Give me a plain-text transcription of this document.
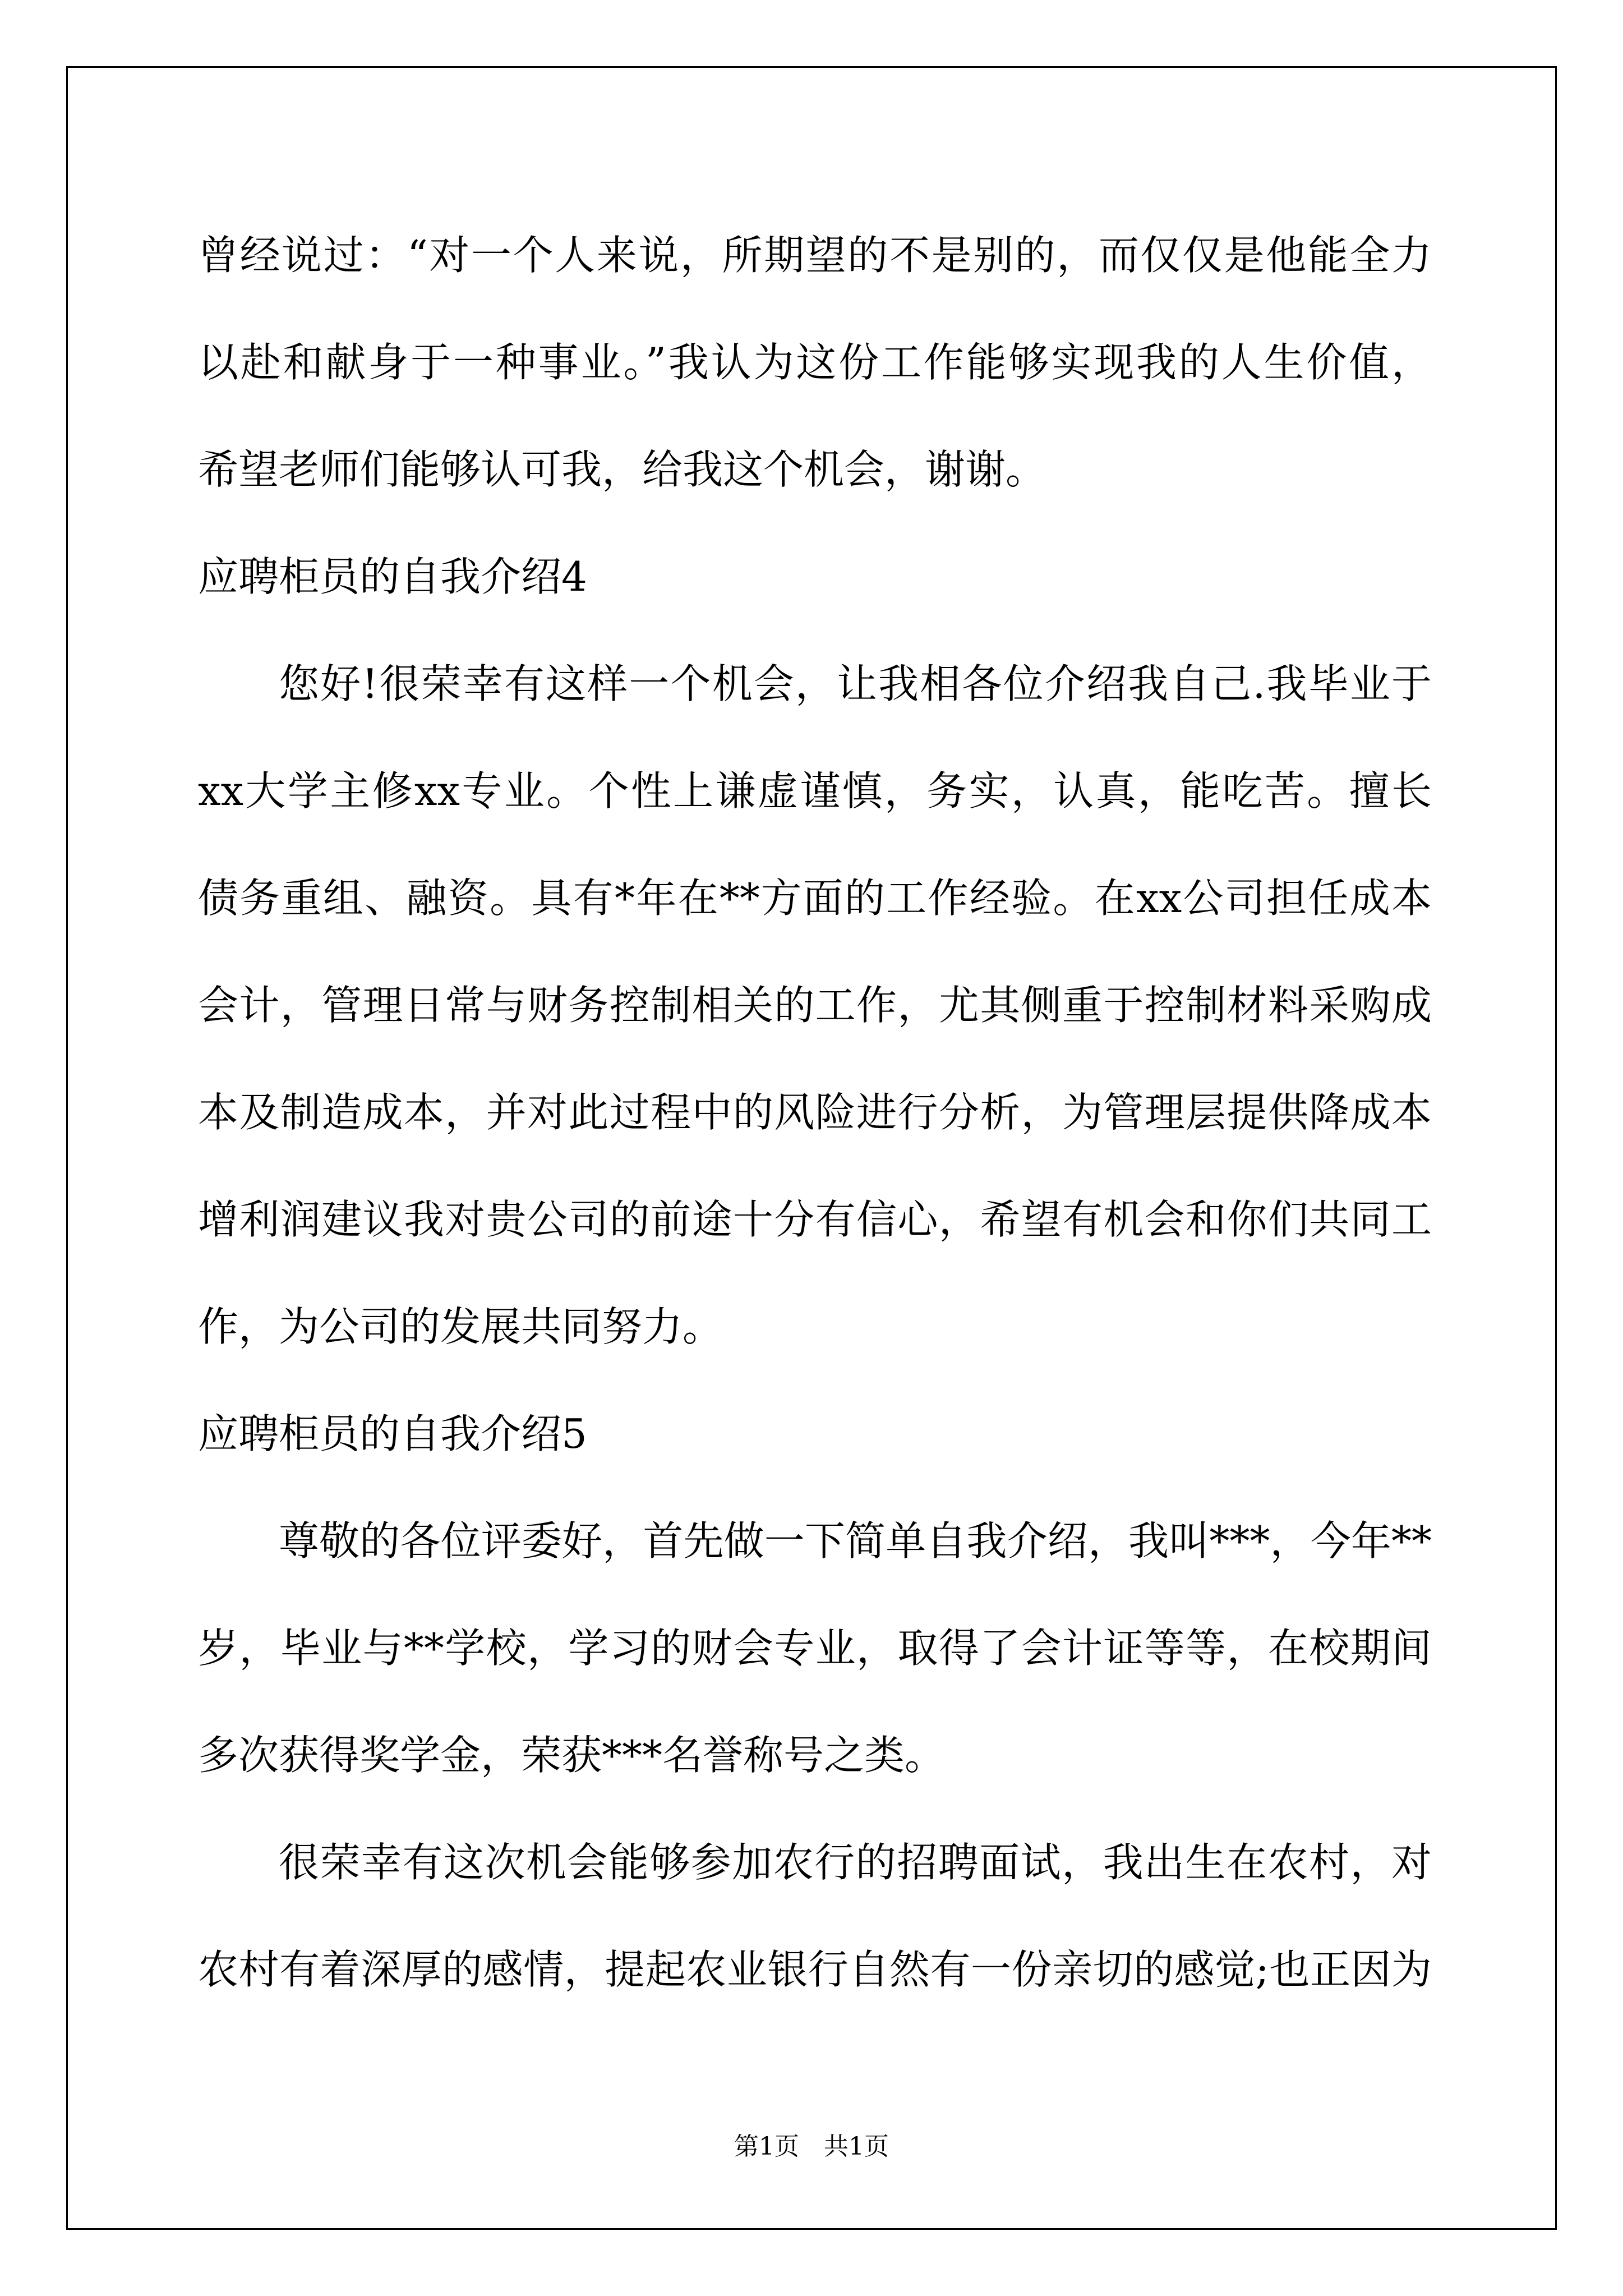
曾经说过：“对一个人来说，所期望的不是别的，而仅仅是他能全力
以赴和献身于一种事业。”我认为这份工作能够实现我的人生价值，
希望老师们能够认可我，给我这个机会，谢谢。
应聘柜员的自我介绍4
您好!很荣幸有这样一个机会，让我相各位介绍我自己.我毕业于
xx大学主修xx专业。个性上谦虚谨慎，务实，认真，能吃苦。擅长
债务重组、融资。具有*年在**方面的工作经验。在xx公司担任成本
会计，管理日常与财务控制相关的工作，尤其侧重于控制材料采购成
本及制造成本，并对此过程中的风险进行分析，为管理层提供降成本
增利润建议我对贵公司的前途十分有信心，希望有机会和你们共同工
作，为公司的发展共同努力。
应聘柜员的自我介绍5
尊敬的各位评委好，首先做一下简单自我介绍，我叫***，今年**
岁，毕业与**学校，学习的财会专业，取得了会计证等等，在校期间
多次获得奖学金，荣获***名誉称号之类。
很荣幸有这次机会能够参加农行的招聘面试，我出生在农村，对
农村有着深厚的感情，提起农业银行自然有一份亲切的感觉;也正因为
第1页　共1页
